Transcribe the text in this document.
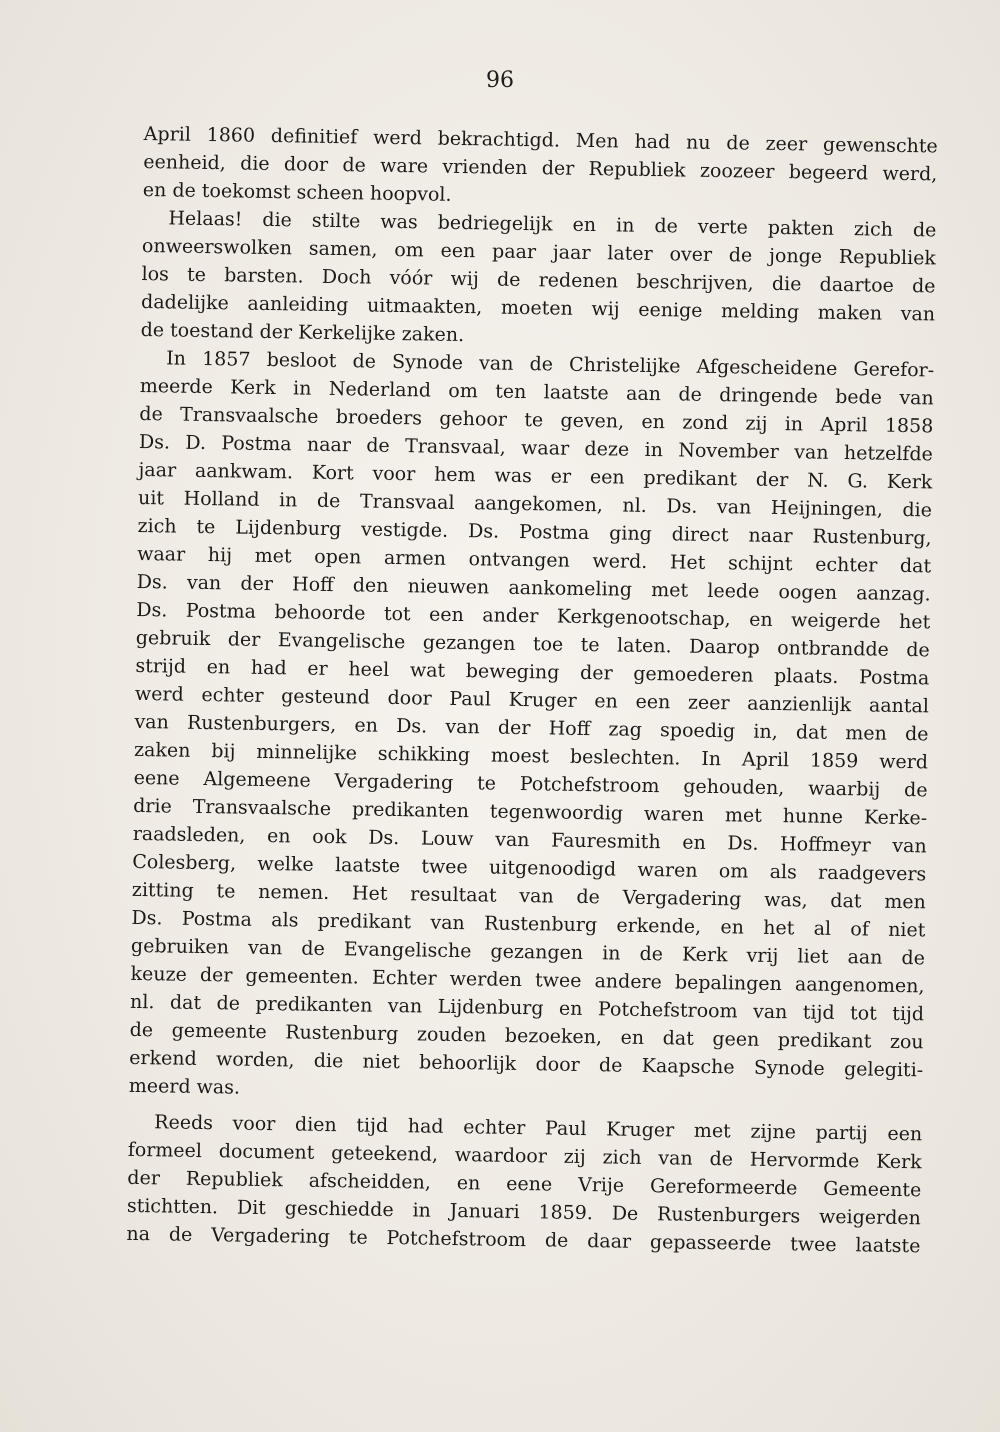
96
April 1860 definitief werd bekrachtigd. Men had nu de zeer gewenschte
eenheid, die door de ware vrienden der Republiek zoozeer begeerd werd,
en de toekomst scheen hoopvol.
Helaas! die stilte was bedriegelijk en in de verte pakten zich de
onweerswolken samen, om een paar jaar later over de jonge Republiek
los te barsten. Doch vóór wij de redenen beschrijven, die daartoe de
dadelijke aanleiding uitmaakten, moeten wij eenige melding maken van
de toestand der Kerkelijke zaken.
In 1857 besloot de Synode van de Christelijke Afgescheidene Gerefor-
meerde Kerk in Nederland om ten laatste aan de dringende bede van
de Transvaalsche broeders gehoor te geven, en zond zij in April 1858
Ds. D. Postma naar de Transvaal, waar deze in November van hetzelfde
jaar aankwam. Kort voor hem was er een predikant der N. G. Kerk
uit Holland in de Transvaal aangekomen, nl. Ds. van Heijningen, die
zich te Lijdenburg vestigde. Ds. Postma ging direct naar Rustenburg,
waar hij met open armen ontvangen werd. Het schijnt echter dat
Ds. van der Hoff den nieuwen aankomeling met leede oogen aanzag.
Ds. Postma behoorde tot een ander Kerkgenootschap, en weigerde het
gebruik der Evangelische gezangen toe te laten. Daarop ontbrandde de
strijd en had er heel wat beweging der gemoederen plaats. Postma
werd echter gesteund door Paul Kruger en een zeer aanzienlijk aantal
van Rustenburgers, en Ds. van der Hoff zag spoedig in, dat men de
zaken bij minnelijke schikking moest beslechten. In April 1859 werd
eene Algemeene Vergadering te Potchefstroom gehouden, waarbij de
drie Transvaalsche predikanten tegenwoordig waren met hunne Kerke-
raadsleden, en ook Ds. Louw van Fauresmith en Ds. Hoffmeyr van
Colesberg, welke laatste twee uitgenoodigd waren om als raadgevers
zitting te nemen. Het resultaat van de Vergadering was, dat men
Ds. Postma als predikant van Rustenburg erkende, en het al of niet
gebruiken van de Evangelische gezangen in de Kerk vrij liet aan de
keuze der gemeenten. Echter werden twee andere bepalingen aangenomen,
nl. dat de predikanten van Lijdenburg en Potchefstroom van tijd tot tijd
de gemeente Rustenburg zouden bezoeken, en dat geen predikant zou
erkend worden, die niet behoorlijk door de Kaapsche Synode gelegiti-
meerd was.
Reeds voor dien tijd had echter Paul Kruger met zijne partij een
formeel document geteekend, waardoor zij zich van de Hervormde Kerk
der Republiek afscheidden, en eene Vrije Gereformeerde Gemeente
stichtten. Dit geschiedde in Januari 1859. De Rustenburgers weigerden
na de Vergadering te Potchefstroom de daar gepasseerde twee laatste
